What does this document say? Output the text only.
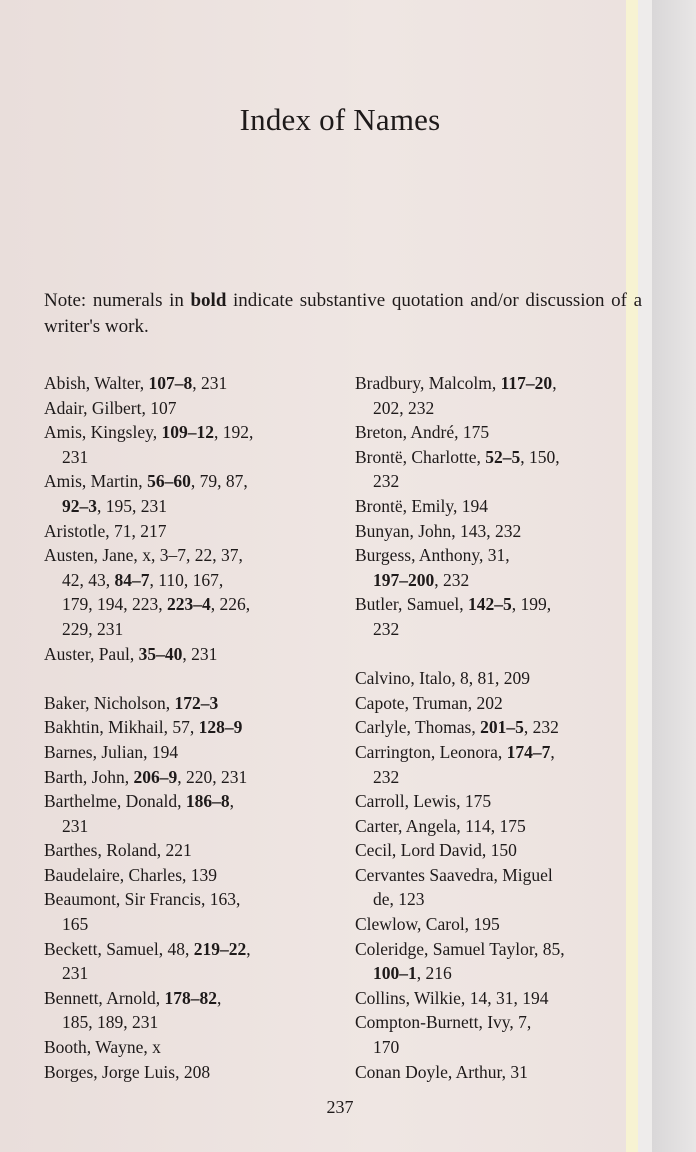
Index of Names

Note: numerals in bold indicate substantive quotation and/or discussion of a writer's work.

Abish, Walter, 107–8, 231
Adair, Gilbert, 107
Amis, Kingsley, 109–12, 192,
231
Amis, Martin, 56–60, 79, 87,
92–3, 195, 231
Aristotle, 71, 217
Austen, Jane, x, 3–7, 22, 37,
42, 43, 84–7, 110, 167,
179, 194, 223, 223–4, 226,
229, 231
Auster, Paul, 35–40, 231
Baker, Nicholson, 172–3
Bakhtin, Mikhail, 57, 128–9
Barnes, Julian, 194
Barth, John, 206–9, 220, 231
Barthelme, Donald, 186–8,
231
Barthes, Roland, 221
Baudelaire, Charles, 139
Beaumont, Sir Francis, 163,
165
Beckett, Samuel, 48, 219–22,
231
Bennett, Arnold, 178–82,
185, 189, 231
Booth, Wayne, x
Borges, Jorge Luis, 208
Bradbury, Malcolm, 117–20,
202, 232
Breton, André, 175
Brontë, Charlotte, 52–5, 150,
232
Brontë, Emily, 194
Bunyan, John, 143, 232
Burgess, Anthony, 31,
197–200, 232
Butler, Samuel, 142–5, 199,
232
Calvino, Italo, 8, 81, 209
Capote, Truman, 202
Carlyle, Thomas, 201–5, 232
Carrington, Leonora, 174–7,
232
Carroll, Lewis, 175
Carter, Angela, 114, 175
Cecil, Lord David, 150
Cervantes Saavedra, Miguel
de, 123
Clewlow, Carol, 195
Coleridge, Samuel Taylor, 85,
100–1, 216
Collins, Wilkie, 14, 31, 194
Compton-Burnett, Ivy, 7,
170
Conan Doyle, Arthur, 31
237
